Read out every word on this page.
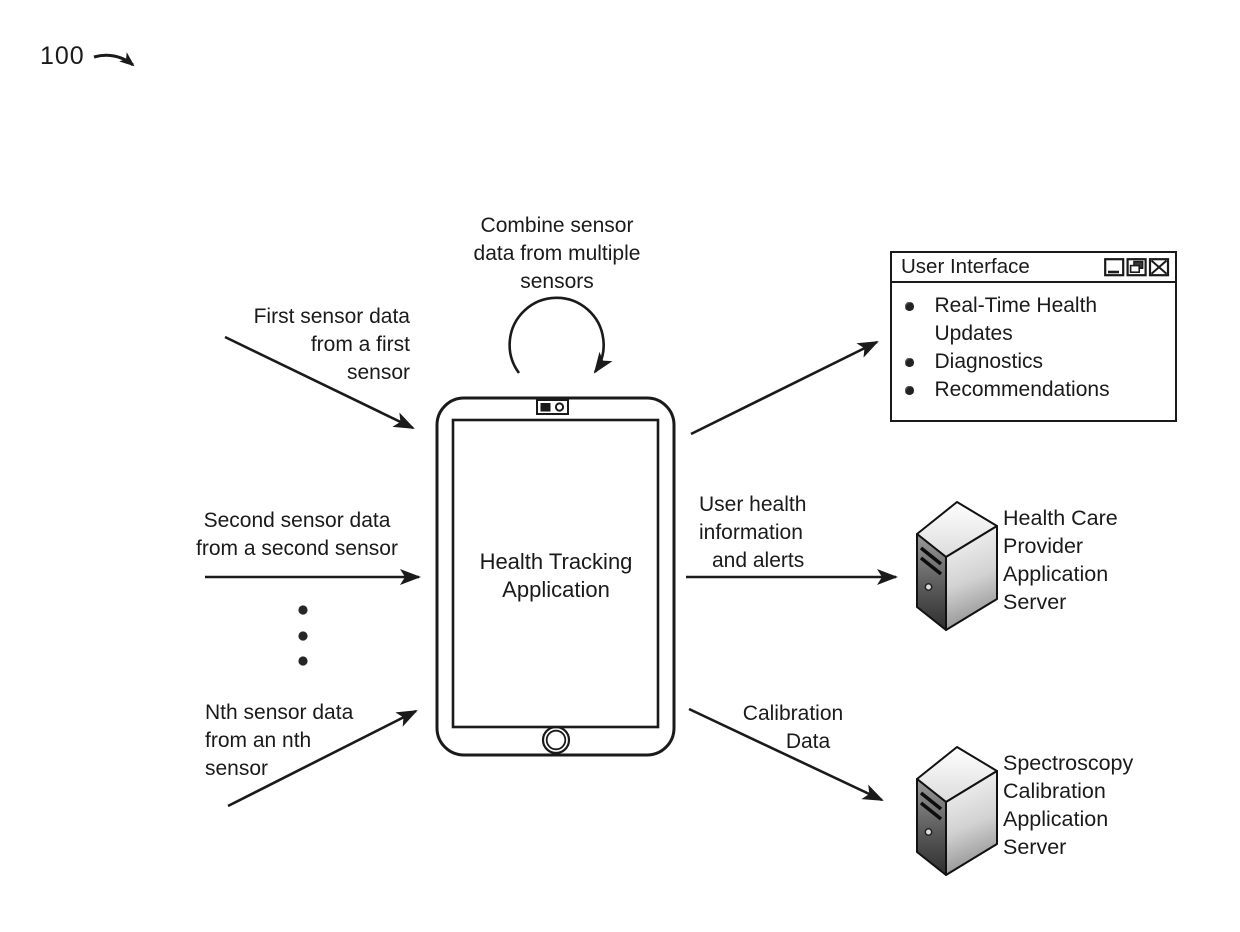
100
Combine sensor
data from multiple
sensors
First sensor data
from a first
sensor
Second sensor data
from a second sensor
Nth sensor data
from an nth
sensor
Health Tracking
Application
User health
information
and alerts
Calibration
Data
User Interface
Real-Time Health Updates
Diagnostics
Recommendations
Health Care
Provider
Application
Server
Spectroscopy
Calibration
Application
Server
